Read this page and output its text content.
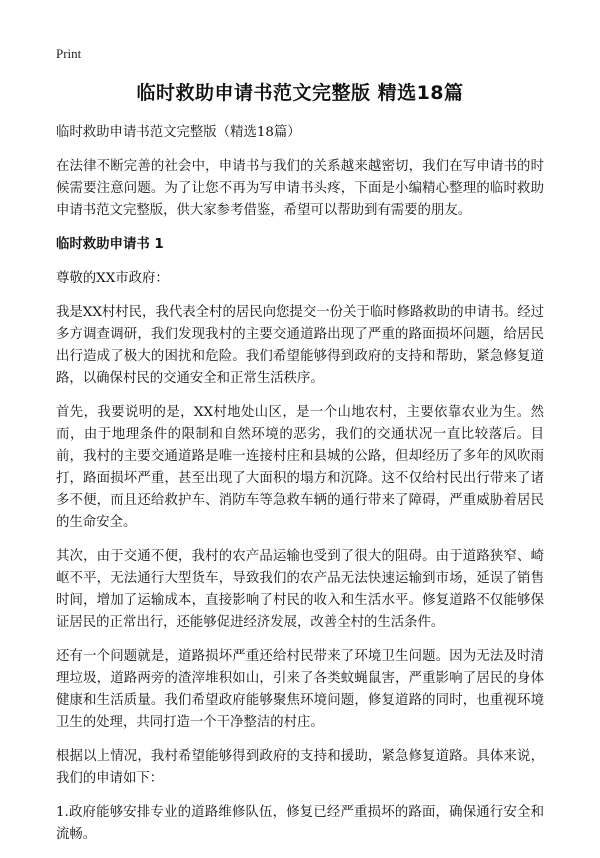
Print
临时救助申请书范文完整版 精选18篇

临时救助申请书范文完整版（精选18篇）

在法律不断完善的社会中，申请书与我们的关系越来越密切，我们在写申请书的时候需要注意问题。为了让您不再为写申请书头疼，下面是小编精心整理的临时救助申请书范文完整版，供大家参考借鉴，希望可以帮助到有需要的朋友。

临时救助申请书 1

尊敬的XX市政府：

我是XX村村民，我代表全村的居民向您提交一份关于临时修路救助的申请书。经过多方调查调研，我们发现我村的主要交通道路出现了严重的路面损坏问题，给居民出行造成了极大的困扰和危险。我们希望能够得到政府的支持和帮助，紧急修复道路，以确保村民的交通安全和正常生活秩序。

首先，我要说明的是，XX村地处山区，是一个山地农村，主要依靠农业为生。然而，由于地理条件的限制和自然环境的恶劣，我们的交通状况一直比较落后。目前，我村的主要交通道路是唯一连接村庄和县城的公路，但却经历了多年的风吹雨打，路面损坏严重，甚至出现了大面积的塌方和沉降。这不仅给村民出行带来了诸多不便，而且还给救护车、消防车等急救车辆的通行带来了障碍，严重威胁着居民的生命安全。

其次，由于交通不便，我村的农产品运输也受到了很大的阻碍。由于道路狭窄、崎岖不平，无法通行大型货车，导致我们的农产品无法快速运输到市场，延误了销售时间，增加了运输成本，直接影响了村民的收入和生活水平。修复道路不仅能够保证居民的正常出行，还能够促进经济发展，改善全村的生活条件。

还有一个问题就是，道路损坏严重还给村民带来了环境卫生问题。因为无法及时清理垃圾，道路两旁的渣滓堆积如山，引来了各类蚊蝇鼠害，严重影响了居民的身体健康和生活质量。我们希望政府能够聚焦环境问题，修复道路的同时，也重视环境卫生的处理，共同打造一个干净整洁的村庄。

根据以上情况，我村希望能够得到政府的支持和援助，紧急修复道路。具体来说，我们的申请如下：

1.政府能够安排专业的道路维修队伍，修复已经严重损坏的路面，确保通行安全和流畅。
